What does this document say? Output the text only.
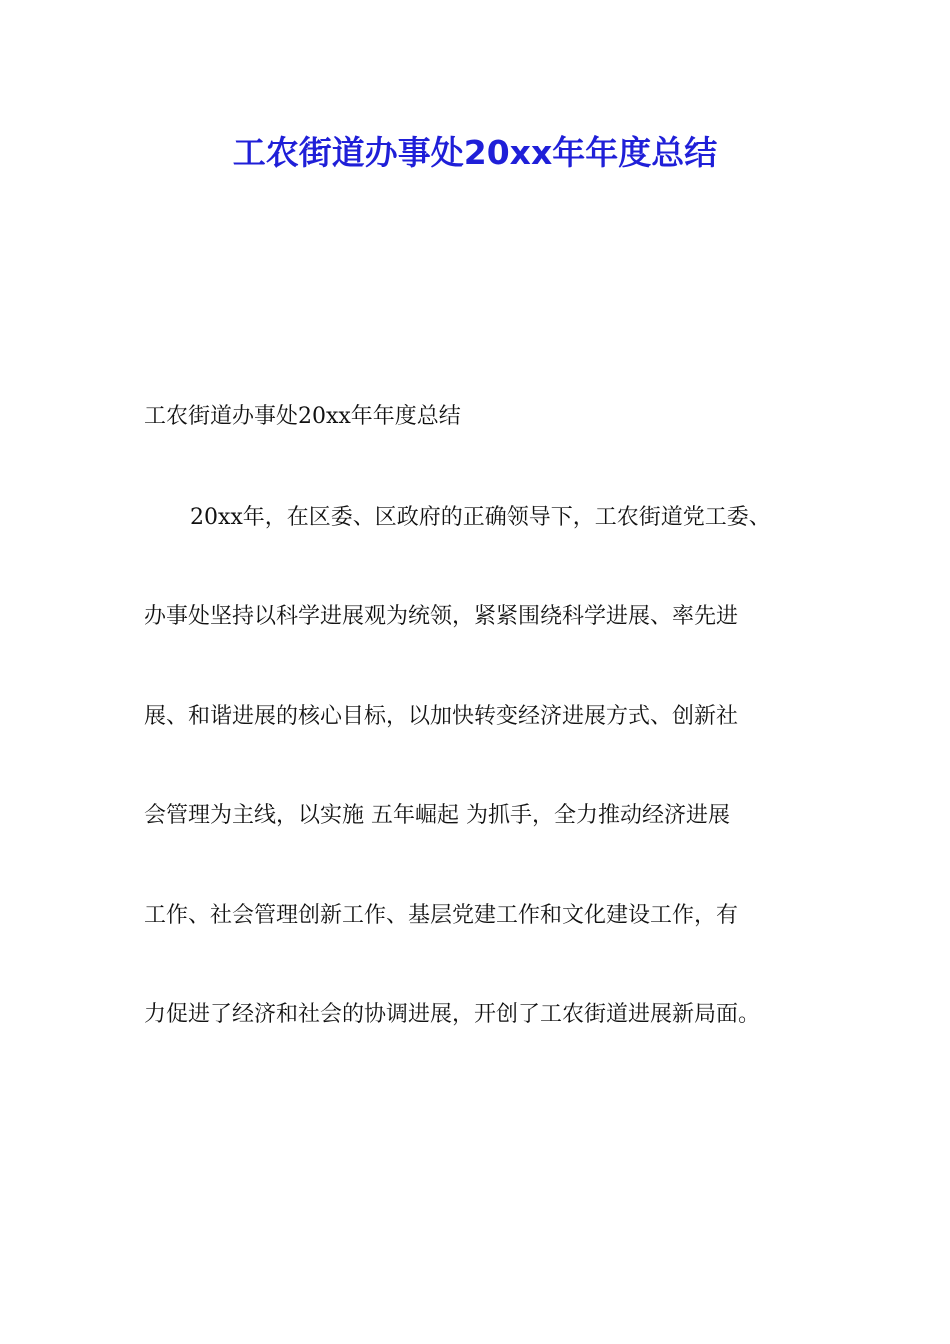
工农街道办事处20xx年年度总结
工农街道办事处20xx年年度总结
20xx年，在区委、区政府的正确领导下，工农街道党工委、
办事处坚持以科学进展观为统领，紧紧围绕科学进展、率先进
展、和谐进展的核心目标，以加快转变经济进展方式、创新社
会管理为主线，以实施 五年崛起 为抓手，全力推动经济进展
工作、社会管理创新工作、基层党建工作和文化建设工作，有
力促进了经济和社会的协调进展，开创了工农街道进展新局面。
